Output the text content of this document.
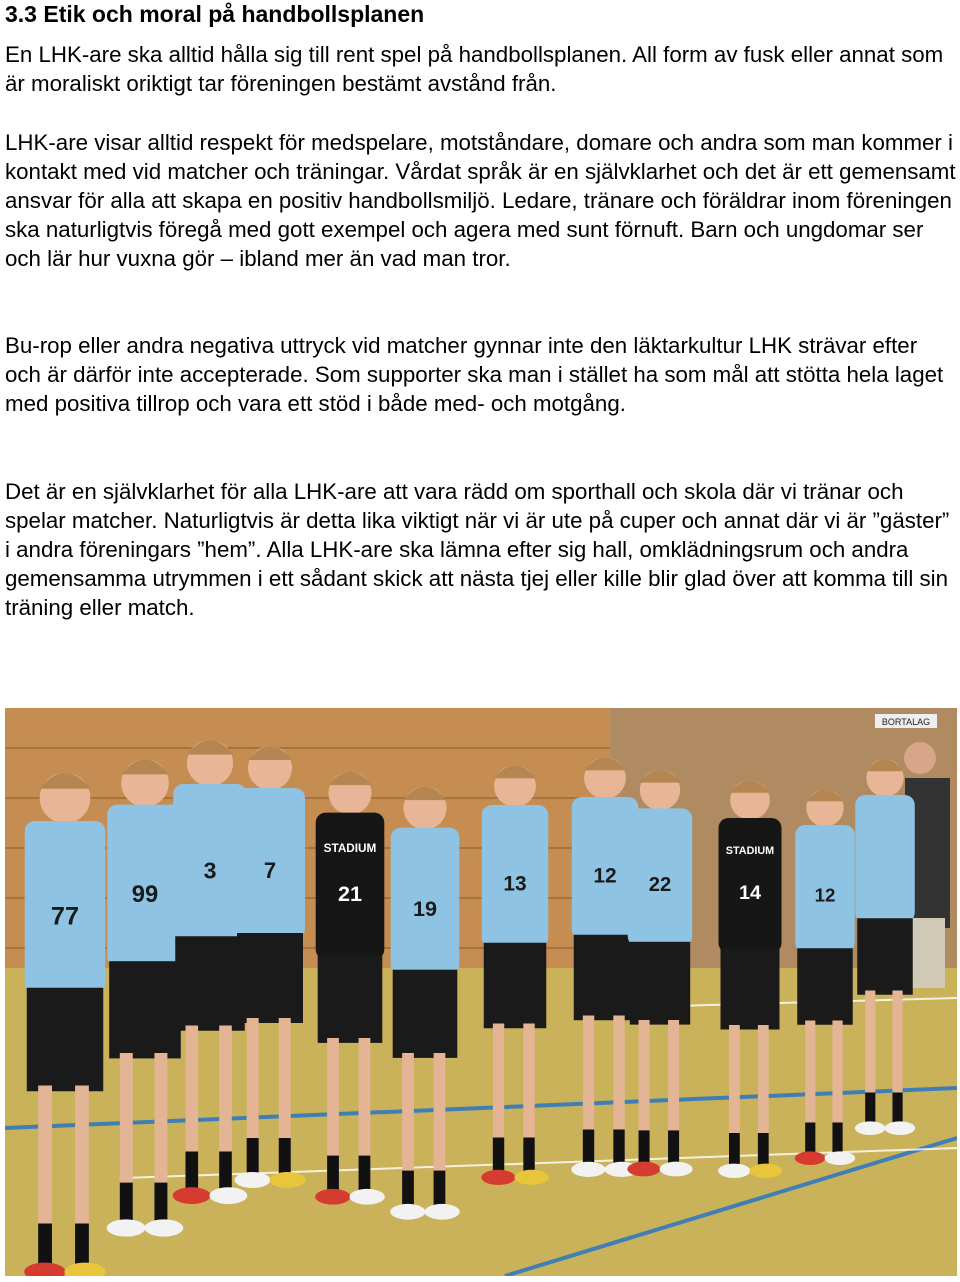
3.3 Etik och moral på handbollsplanen

En LHK-are ska alltid hålla sig till rent spel på handbollsplanen. All form av fusk eller annat som är moraliskt oriktigt tar föreningen bestämt avstånd från.

LHK-are visar alltid respekt för medspelare, motståndare, domare och andra som man kommer i kontakt med vid matcher och träningar. Vårdat språk är en självklarhet och det är ett gemensamt ansvar för alla att skapa en positiv handbollsmiljö. Ledare, tränare och föräldrar inom föreningen ska naturligtvis föregå med gott exempel och agera med sunt förnuft. Barn och ungdomar ser och lär hur vuxna gör – ibland mer än vad man tror.

Bu-rop eller andra negativa uttryck vid matcher gynnar inte den läktarkultur LHK strävar efter och är därför inte accepterade. Som supporter ska man i stället ha som mål att stötta hela laget med positiva tillrop och vara ett stöd i både med- och motgång.

Det är en självklarhet för alla LHK-are att vara rädd om sporthall och skola där vi tränar och spelar matcher. Naturligtvis är detta lika viktigt när vi är ute på cuper och annat där vi är ”gäster” i andra föreningars ”hem”. Alla LHK-are ska lämna efter sig hall, omklädningsrum och andra gemensamma utrymmen i ett sådant skick att nästa tjej eller kille blir glad över att komma till sin träning eller match.

BORTALAG
77
99
3 7
STADIUM
21
19
13	12 22
STADIUM
14	12
